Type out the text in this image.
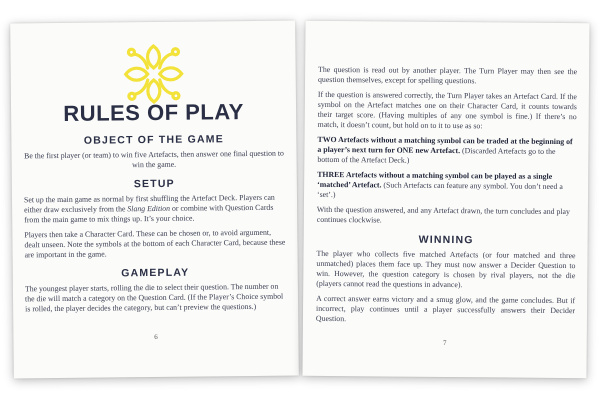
RULES OF PLAY
OBJECT OF THE GAME

Be the first player (or team) to win five Artefacts, then answer one final question to win the game.

SETUP

Set up the main game as normal by first shuffling the Artefact Deck. Players can either draw exclusively from the Slang Edition or combine with Question Cards from the main game to mix things up. It’s your choice.

Players then take a Character Card. These can be chosen or, to avoid argument, dealt unseen. Note the symbols at the bottom of each Character Card, because these are important in the game.

GAMEPLAY

The youngest player starts, rolling the die to select their question. The number on the die will match a category on the Question Card. (If the Player’s Choice symbol is rolled, the player decides the category, but can’t preview the questions.)

6

The question is read out by another player. The Turn Player may then see the question themselves, except for spelling questions.

If the question is answered correctly, the Turn Player takes an Artefact Card. If the symbol on the Artefact matches one on their Character Card, it counts towards their target score. (Having multiples of any one symbol is fine.) If there’s no match, it doesn’t count, but hold on to it to use as so:

TWO Artefacts without a matching symbol can be traded at the beginning of a player’s next turn for ONE new Artefact. (Discarded Artefacts go to the bottom of the Artefact Deck.)

THREE Artefacts without a matching symbol can be played as a single ‘matched’ Artefact. (Such Artefacts can feature any symbol. You don’t need a ‘set’.)

With the question answered, and any Artefact drawn, the turn concludes and play continues clockwise.

WINNING

The player who collects five matched Artefacts (or four matched and three unmatched) places them face up. They must now answer a Decider Question to win. However, the question category is chosen by rival players, not the die (players cannot read the questions in advance).

A correct answer earns victory and a smug glow, and the game concludes. But if incorrect, play continues until a player successfully answers their Decider Question.

7
